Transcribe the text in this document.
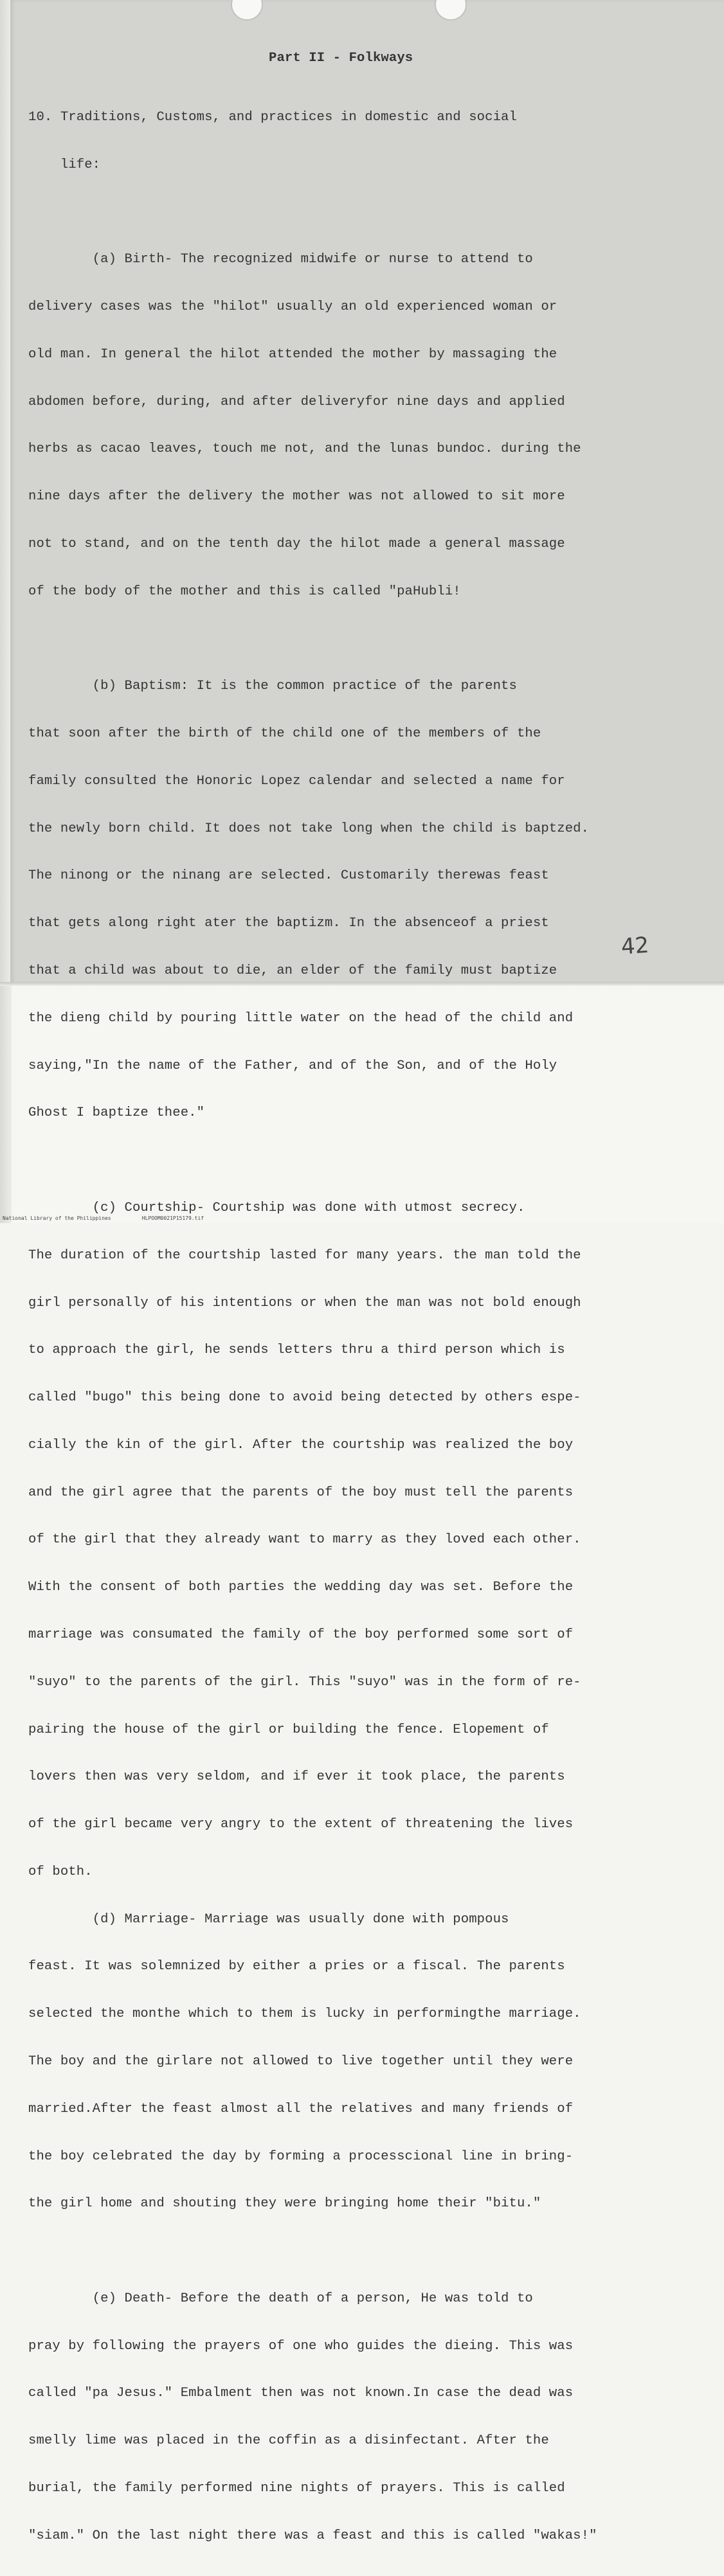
Part II - Folkways

10. Traditions, Customs, and practices in domestic and social

life:

(a) Birth- The recognized midwife or nurse to attend to

delivery cases was the "hilot" usually an old experienced woman or

old man. In general the hilot attended the mother by massaging the

abdomen before, during, and after deliveryfor nine days and applied

herbs as cacao leaves, touch me not, and the lunas bundoc. during the

nine days after the delivery the mother was not allowed to sit more

not to stand, and on the tenth day the hilot made a general massage

of the body of the mother and this is called "paHubli!

(b) Baptism: It is the common practice of the parents

that soon after the birth of the child one of the members of the

family consulted the Honoric Lopez calendar and selected a name for

the newly born child. It does not take long when the child is baptzed.

The ninong or the ninang are selected. Customarily therewas feast

that gets along right ater the baptizm. In the absenceof a priest

that a child was about to die, an elder of the family must baptize

the dieng child by pouring little water on the head of the child and

saying,"In the name of the Father, and of the Son, and of the Holy

Ghost I baptize thee."

(c) Courtship- Courtship was done with utmost secrecy.

The duration of the courtship lasted for many years. the man told the

girl personally of his intentions or when the man was not bold enough

to approach the girl, he sends letters thru a third person which is

called "bugo" this being done to avoid being detected by others espe-

cially the kin of the girl. After the courtship was realized the boy

and the girl agree that the parents of the boy must tell the parents

of the girl that they already want to marry as they loved each other.

With the consent of both parties the wedding day was set. Before the

marriage was consumated the family of the boy performed some sort of

"suyo" to the parents of the girl. This "suyo" was in the form of re-

pairing the house of the girl or building the fence. Elopement of

lovers then was very seldom, and if ever it took place, the parents

of the girl became very angry to the extent of threatening the lives

of both.

(d) Marriage- Marriage was usually done with pompous

feast. It was solemnized by either a pries or a fiscal. The parents

selected the monthe which to them is lucky in performingthe marriage.

The boy and the girlare not allowed to live together until they were

married.After the feast almost all the relatives and many friends of

the boy celebrated the day by forming a processcional line in bring-

the girl home and shouting they were bringing home their "bitu."

(e) Death- Before the death of a person, He was told to

pray by following the prayers of one who guides the dieing. This was

called "pa Jesus." Embalment then was not known.In case the dead was

smelly lime was placed in the coffin as a disinfectant. After the

burial, the family performed nine nights of prayers. This is called

"siam." On the last night there was a feast and this is called "wakas!"

42
National Library of the Philippines	HLPOOM0021P15179.tif
